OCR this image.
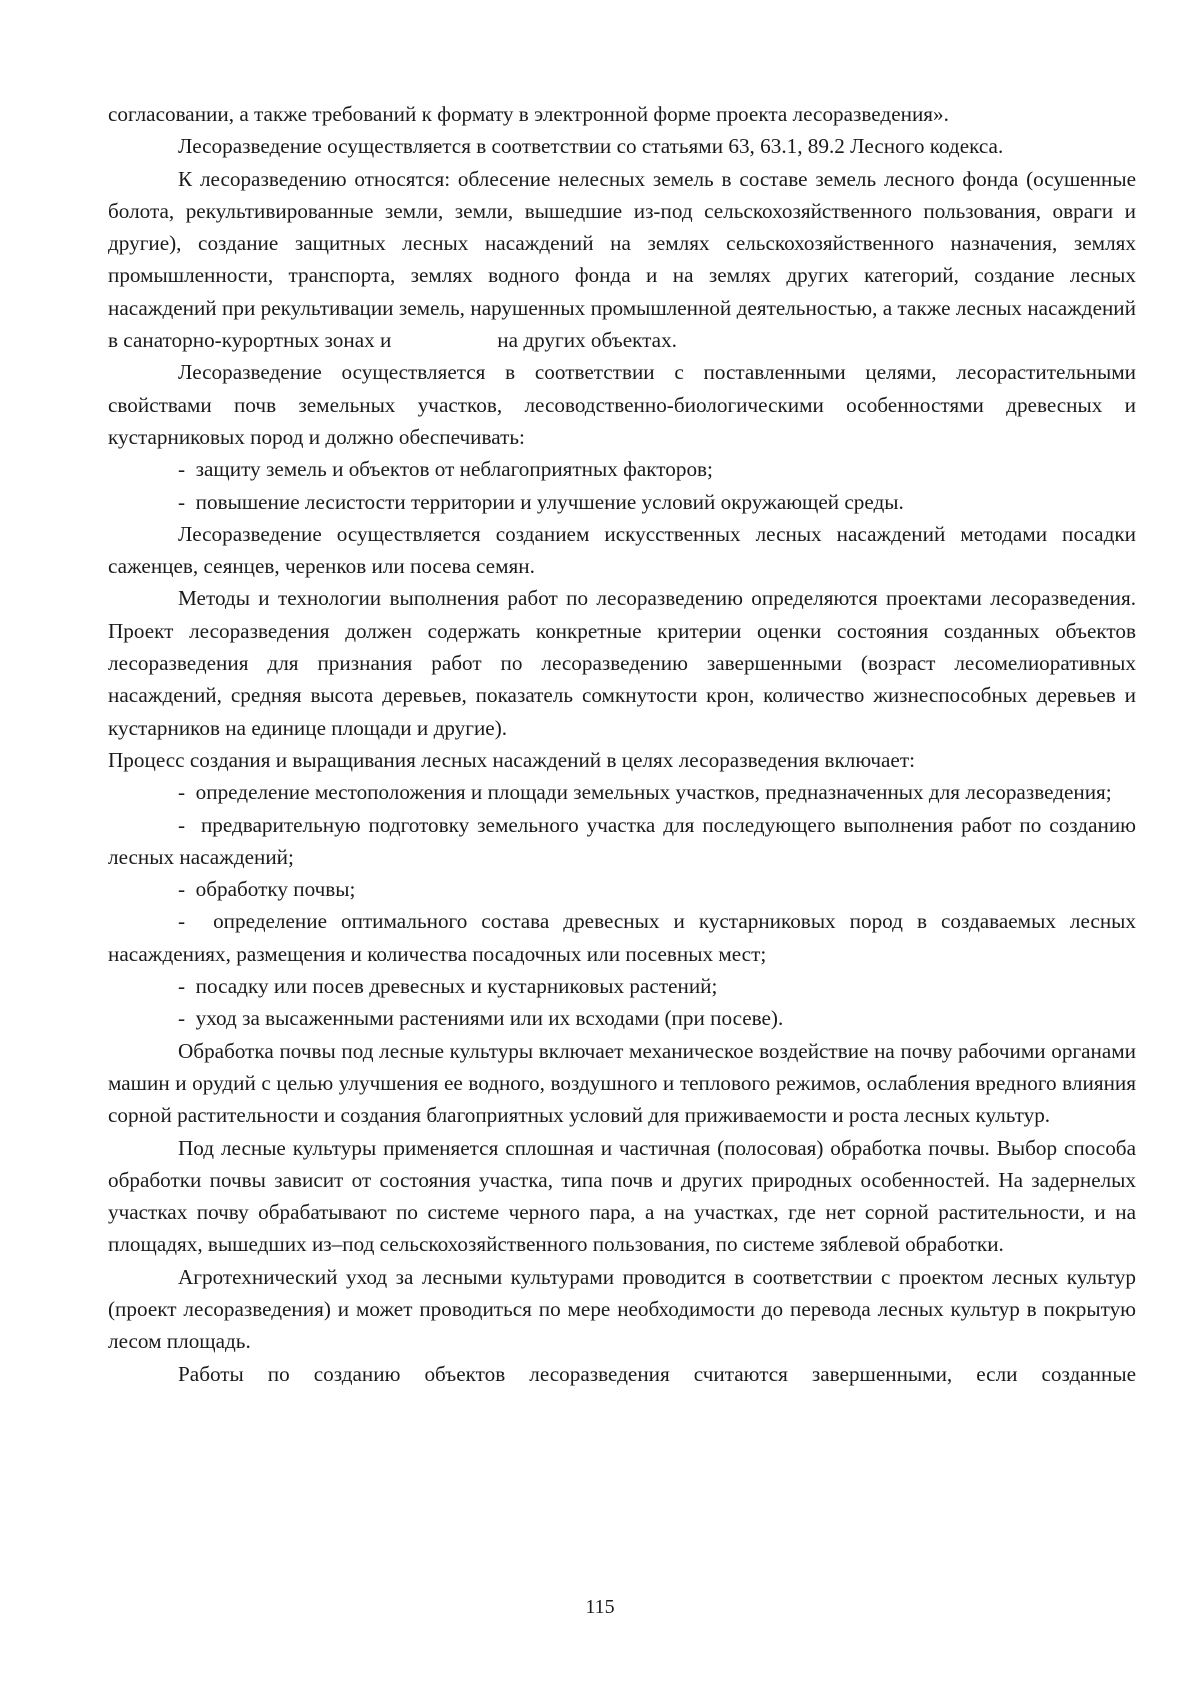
согласовании, а также требований к формату в электронной форме проекта лесоразведения».

Лесоразведение осуществляется в соответствии со статьями 63, 63.1, 89.2 Лесного кодекса.

К лесоразведению относятся: облесение нелесных земель в составе земель лесного фонда (осушенные болота, рекультивированные земли, земли, вышедшие из-под сельскохозяйственного пользования, овраги и другие), создание защитных лесных насаждений на землях сельскохозяйственного назначения, землях промышленности, транспорта, землях водного фонда и на землях других категорий, создание лесных насаждений при рекультивации земель, нарушенных промышленной деятельностью, а также лесных насаждений в санаторно-курортных зонах и                    на других объектах.

Лесоразведение осуществляется в соответствии с поставленными целями, лесорастительными свойствами почв земельных участков, лесоводственно-биологическими особенностями древесных и кустарниковых пород и должно обеспечивать:

-  защиту земель и объектов от неблагоприятных факторов;

-  повышение лесистости территории и улучшение условий окружающей среды.

Лесоразведение осуществляется созданием искусственных лесных насаждений методами посадки саженцев, сеянцев, черенков или посева семян.

Методы и технологии выполнения работ по лесоразведению определяются проектами лесоразведения. Проект лесоразведения должен содержать конкретные критерии оценки состояния созданных объектов лесоразведения для признания работ по лесоразведению завершенными (возраст лесомелиоративных насаждений, средняя высота деревьев, показатель сомкнутости крон, количество жизнеспособных деревьев и кустарников на единице площади и другие).

Процесс создания и выращивания лесных насаждений в целях лесоразведения включает:

-  определение местоположения и площади земельных участков, предназначенных для лесоразведения;

-  предварительную подготовку земельного участка для последующего выполнения работ по созданию лесных насаждений;

-  обработку почвы;

-  определение оптимального состава древесных и кустарниковых пород в создаваемых лесных насаждениях, размещения и количества посадочных или посевных мест;

-  посадку или посев древесных и кустарниковых растений;

-  уход за высаженными растениями или их всходами (при посеве).

Обработка почвы под лесные культуры включает механическое воздействие на почву рабочими органами машин и орудий с целью улучшения ее водного, воздушного и теплового режимов, ослабления вредного влияния сорной растительности и создания благоприятных условий для приживаемости и роста лесных культур.

Под лесные культуры применяется сплошная и частичная (полосовая) обработка почвы. Выбор способа обработки почвы зависит от состояния участка, типа почв и других природных особенностей. На задернелых участках почву обрабатывают по системе черного пара, а на участках, где нет сорной растительности, и на площадях, вышедших из–под сельскохозяйственного пользования, по системе зяблевой обработки.

Агротехнический уход за лесными культурами проводится в соответствии с проектом лесных культур (проект лесоразведения) и может проводиться по мере необходимости до перевода лесных культур в покрытую лесом площадь.

Работы по созданию объектов лесоразведения считаются завершенными, если созданные

115
